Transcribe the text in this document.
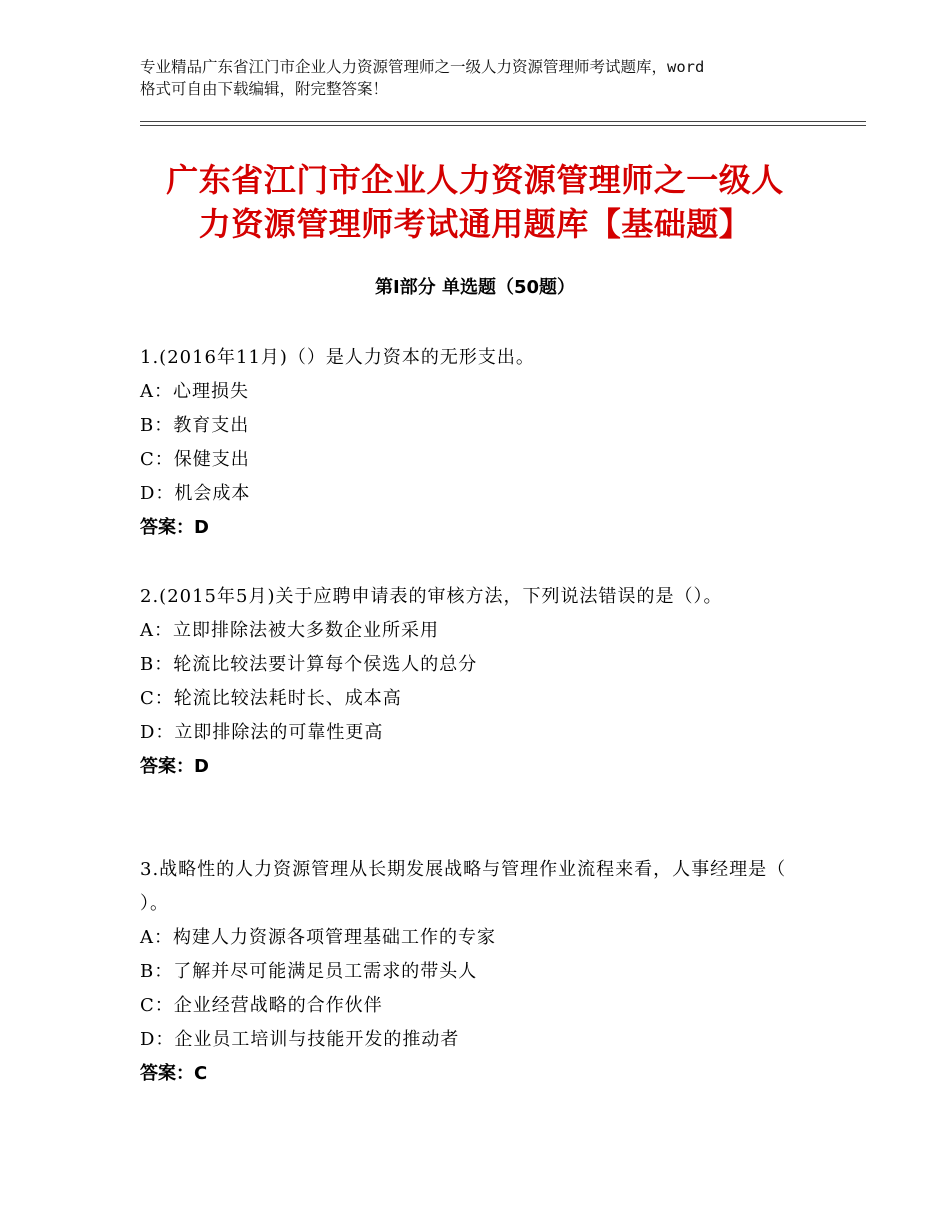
专业精品广东省江门市企业人力资源管理师之一级人力资源管理师考试题库，word
格式可自由下载编辑，附完整答案！
广东省江门市企业人力资源管理师之一级人
力资源管理师考试通用题库【基础题】
第Ⅰ部分 单选题（50题）
1.(2016年11月)（）是人力资本的无形支出。
A：心理损失
B：教育支出
C：保健支出
D：机会成本
答案：D
2.(2015年5月)关于应聘申请表的审核方法，下列说法错误的是（）。
A：立即排除法被大多数企业所采用
B：轮流比较法要计算每个侯选人的总分
C：轮流比较法耗时长、成本高
D：立即排除法的可靠性更高
答案：D
3.战略性的人力资源管理从长期发展战略与管理作业流程来看，人事经理是（ ）。
A：构建人力资源各项管理基础工作的专家
B：了解并尽可能满足员工需求的带头人
C：企业经营战略的合作伙伴
D：企业员工培训与技能开发的推动者
答案：C
